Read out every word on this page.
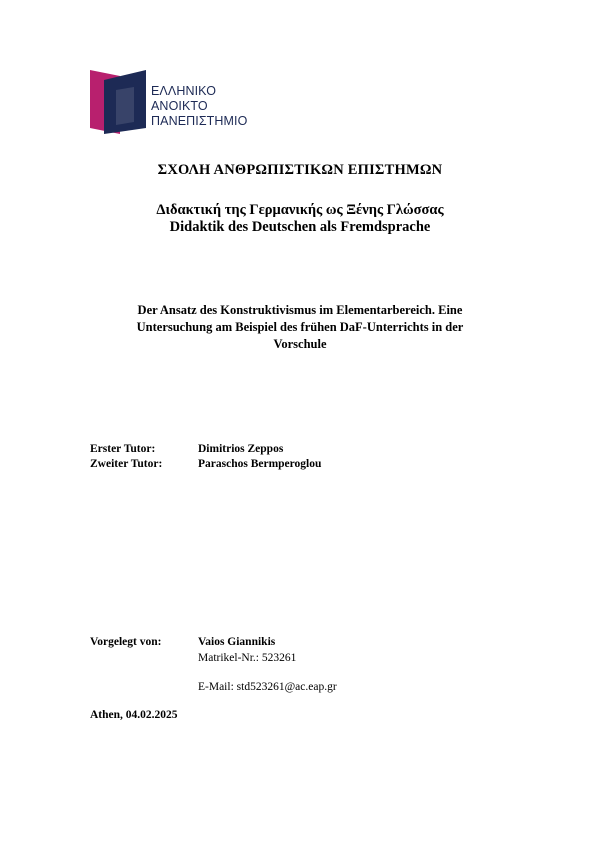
ΕΛΛΗΝΙΚΟ
ΑΝΟΙΚΤΟ
ΠΑΝΕΠΙΣΤΗΜΙΟ
ΣΧΟΛΗ ΑΝΘΡΩΠΙΣΤΙΚΩΝ ΕΠΙΣΤΗΜΩΝ
Διδακτική της Γερμανικής ως Ξένης Γλώσσας
Didaktik des Deutschen als Fremdsprache
Der Ansatz des Konstruktivismus im Elementarbereich. Eine
Untersuchung am Beispiel des frühen DaF-Unterrichts in der
Vorschule
Erster Tutor:	Dimitrios Zeppos
Zweiter Tutor:	Paraschos Bermperoglou
Vorgelegt von:	Vaios Giannikis
Matrikel-Nr.: 523261
E-Mail: std523261@ac.eap.gr
Athen, 04.02.2025
